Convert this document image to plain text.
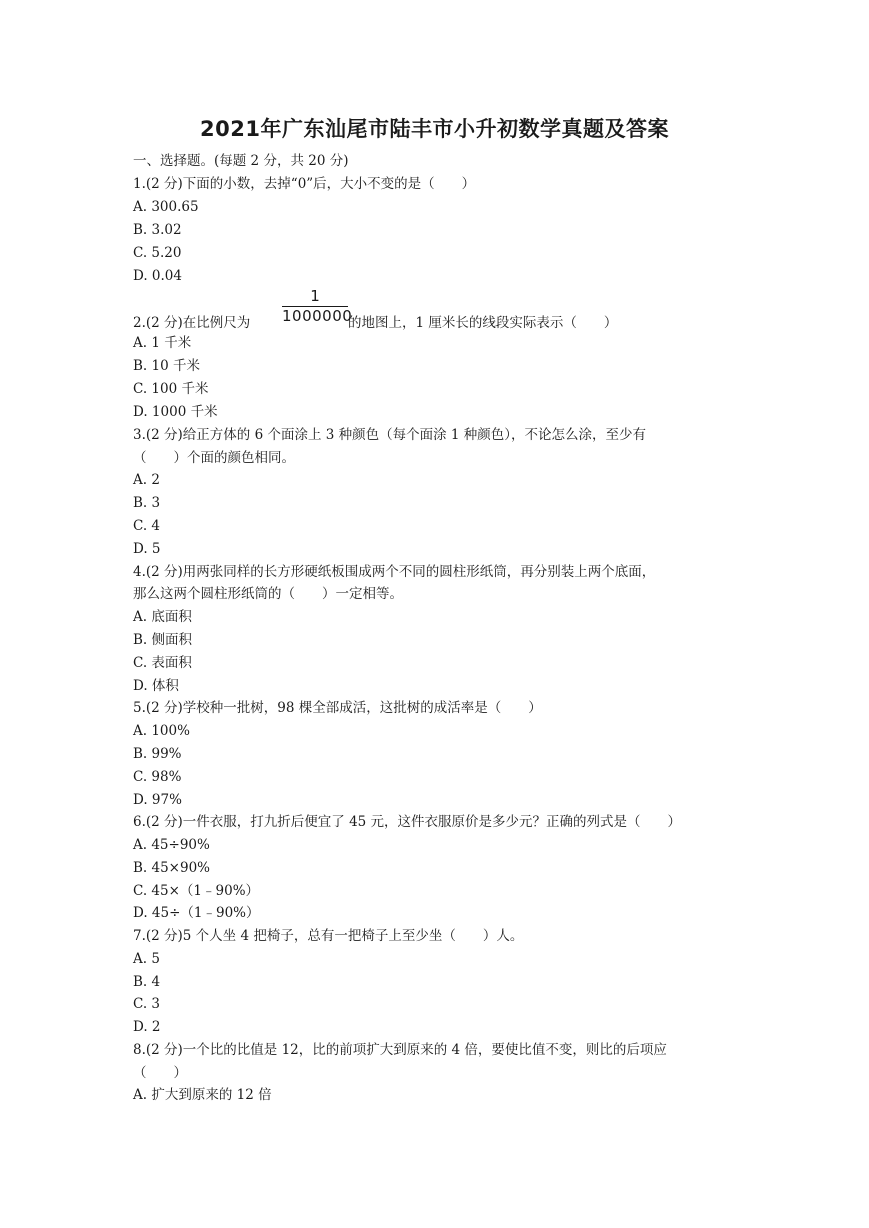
2021年广东汕尾市陆丰市小升初数学真题及答案
一、选择题。(每题 2 分，共 20 分)
1.(2 分)下面的小数，去掉“0”后，大小不变的是（　　）
A. 300.65
B. 3.02
C. 5.20
D. 0.04
2.(2 分)在比例尺为 $\frac{1}{1000000}$ 的地图上，1 厘米长的线段实际表示（　　）
A. 1 千米
B. 10 千米
C. 100 千米
D. 1000 千米
3.(2 分)给正方体的 6 个面涂上 3 种颜色（每个面涂 1 种颜色），不论怎么涂，至少有
（　　）个面的颜色相同。
A. 2
B. 3
C. 4
D. 5
4.(2 分)用两张同样的长方形硬纸板围成两个不同的圆柱形纸筒，再分别装上两个底面，
那么这两个圆柱形纸筒的（　　）一定相等。
A. 底面积
B. 侧面积
C. 表面积
D. 体积
5.(2 分)学校种一批树，98 棵全部成活，这批树的成活率是（　　）
A. 100%
B. 99%
C. 98%
D. 97%
6.(2 分)一件衣服，打九折后便宜了 45 元，这件衣服原价是多少元？正确的列式是（　　）
A. 45÷90%
B. 45×90%
C. 45×（1﹣90%）
D. 45÷（1﹣90%）
7.(2 分)5 个人坐 4 把椅子，总有一把椅子上至少坐（　　）人。
A. 5
B. 4
C. 3
D. 2
8.(2 分)一个比的比值是 12，比的前项扩大到原来的 4 倍，要使比值不变，则比的后项应
（　　）
A. 扩大到原来的 12 倍
